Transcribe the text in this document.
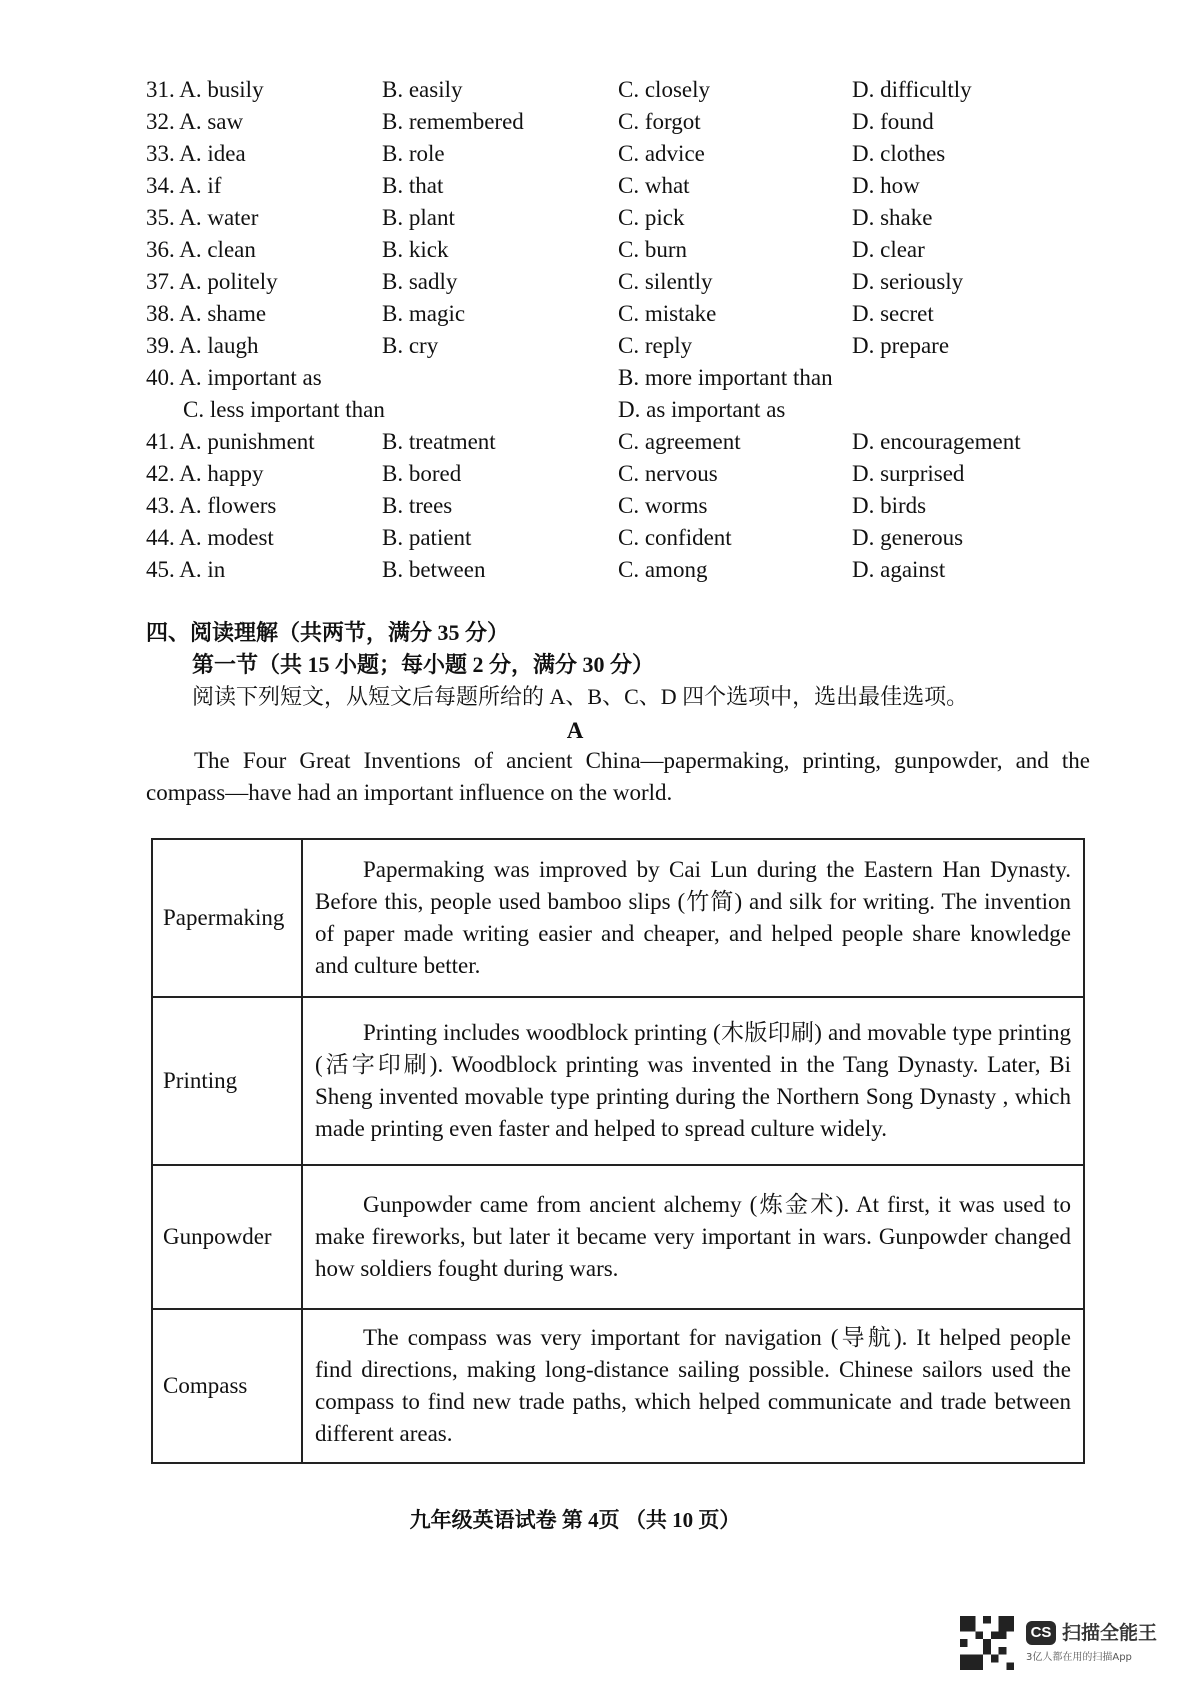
31. A. busily	B. easily	C. closely	D. difficultly
32. A. saw	B. remembered	C. forgot	D. found
33. A. idea	B. role	C. advice	D. clothes
34. A. if	B. that	C. what	D. how
35. A. water	B. plant	C. pick	D. shake
36. A. clean	B. kick	C. burn	D. clear
37. A. politely	B. sadly	C. silently	D. seriously
38. A. shame	B. magic	C. mistake	D. secret
39. A. laugh	B. cry	C. reply	D. prepare
40. A. important as	B. more important than
C. less important than	D. as important as
41. A. punishment	B. treatment	C. agreement	D. encouragement
42. A. happy	B. bored	C. nervous	D. surprised
43. A. flowers	B. trees	C. worms	D. birds
44. A. modest	B. patient	C. confident	D. generous
45. A. in	B. between	C. among	D. against
四、阅读理解（共两节，满分 35 分）
第一节（共 15 小题；每小题 2 分，满分 30 分）
阅读下列短文，从短文后每题所给的 A、B、C、D 四个选项中，选出最佳选项。
A
The Four Great Inventions of ancient China—papermaking, printing, gunpowder, and the compass—have had an important influence on the world.
Papermaking	Papermaking was improved by Cai Lun during the Eastern Han Dynasty. Before this, people used bamboo slips (竹简) and silk for writing. The invention of paper made writing easier and cheaper, and helped people share knowledge and culture better.
Printing	Printing includes woodblock printing (木版印刷) and movable type printing (活字印刷). Woodblock printing was invented in the Tang Dynasty. Later, Bi Sheng invented movable type printing during the Northern Song Dynasty , which made printing even faster and helped to spread culture widely.
Gunpowder	Gunpowder came from ancient alchemy (炼金术). At first, it was used to make fireworks, but later it became very important in wars. Gunpowder changed how soldiers fought during wars.
Compass	The compass was very important for navigation (导航). It helped people find directions, making long-distance sailing possible. Chinese sailors used the compass to find new trade paths, which helped communicate and trade between different areas.
九年级英语试卷 第 4页 （共 10 页）
CS 扫描全能王
3亿人都在用的扫描App
